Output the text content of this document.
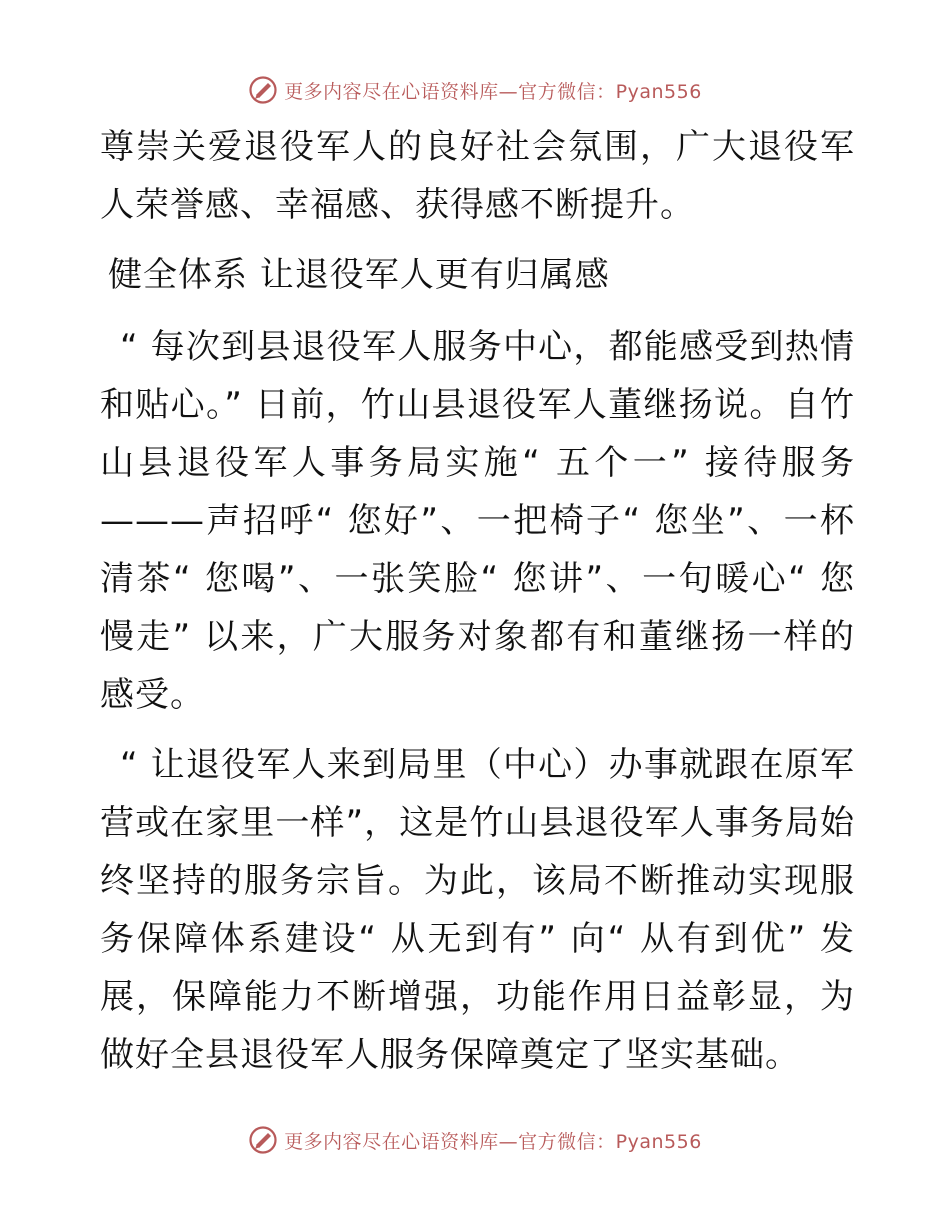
更多内容尽在心语资料库—官方微信：Pyan556

尊崇关爱退役军人的良好社会氛围，广大退役军人荣誉感、幸福感、获得感不断提升。

健全体系 让退役军人更有归属感

“ 每次到县退役军人服务中心，都能感受到热情和贴心。” 日前，竹山县退役军人董继扬说。自竹山县退役军人事务局实施“ 五个一” 接待服务———声招呼“ 您好”、一把椅子“ 您坐”、一杯清茶“ 您喝”、一张笑脸“ 您讲”、一句暖心“ 您慢走” 以来，广大服务对象都有和董继扬一样的感受。

“ 让退役军人来到局里（中心）办事就跟在原军营或在家里一样”，这是竹山县退役军人事务局始终坚持的服务宗旨。为此，该局不断推动实现服务保障体系建设“ 从无到有” 向“ 从有到优” 发展，保障能力不断增强，功能作用日益彰显，为做好全县退役军人服务保障奠定了坚实基础。

更多内容尽在心语资料库—官方微信：Pyan556
